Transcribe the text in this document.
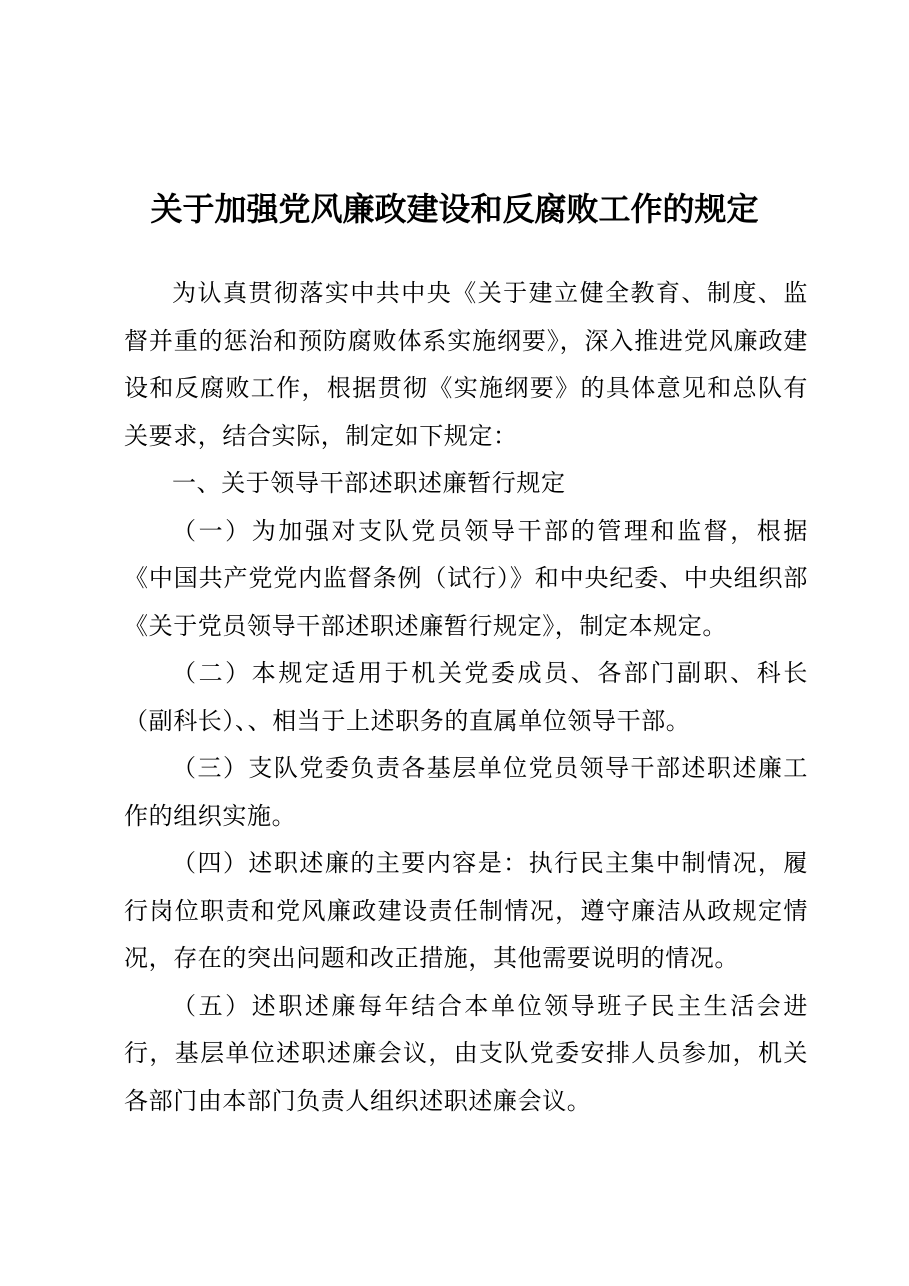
关于加强党风廉政建设和反腐败工作的规定

为认真贯彻落实中共中央《关于建立健全教育、制度、监督并重的惩治和预防腐败体系实施纲要》，深入推进党风廉政建设和反腐败工作，根据贯彻《实施纲要》的具体意见和总队有关要求，结合实际，制定如下规定：

一、关于领导干部述职述廉暂行规定

（一）为加强对支队党员领导干部的管理和监督，根据《中国共产党党内监督条例（试行）》和中央纪委、中央组织部《关于党员领导干部述职述廉暂行规定》，制定本规定。

（二）本规定适用于机关党委成员、各部门副职、科长（副科长）、、相当于上述职务的直属单位领导干部。

（三）支队党委负责各基层单位党员领导干部述职述廉工作的组织实施。

（四）述职述廉的主要内容是：执行民主集中制情况，履行岗位职责和党风廉政建设责任制情况，遵守廉洁从政规定情况，存在的突出问题和改正措施，其他需要说明的情况。

（五）述职述廉每年结合本单位领导班子民主生活会进行，基层单位述职述廉会议，由支队党委安排人员参加，机关各部门由本部门负责人组织述职述廉会议。
